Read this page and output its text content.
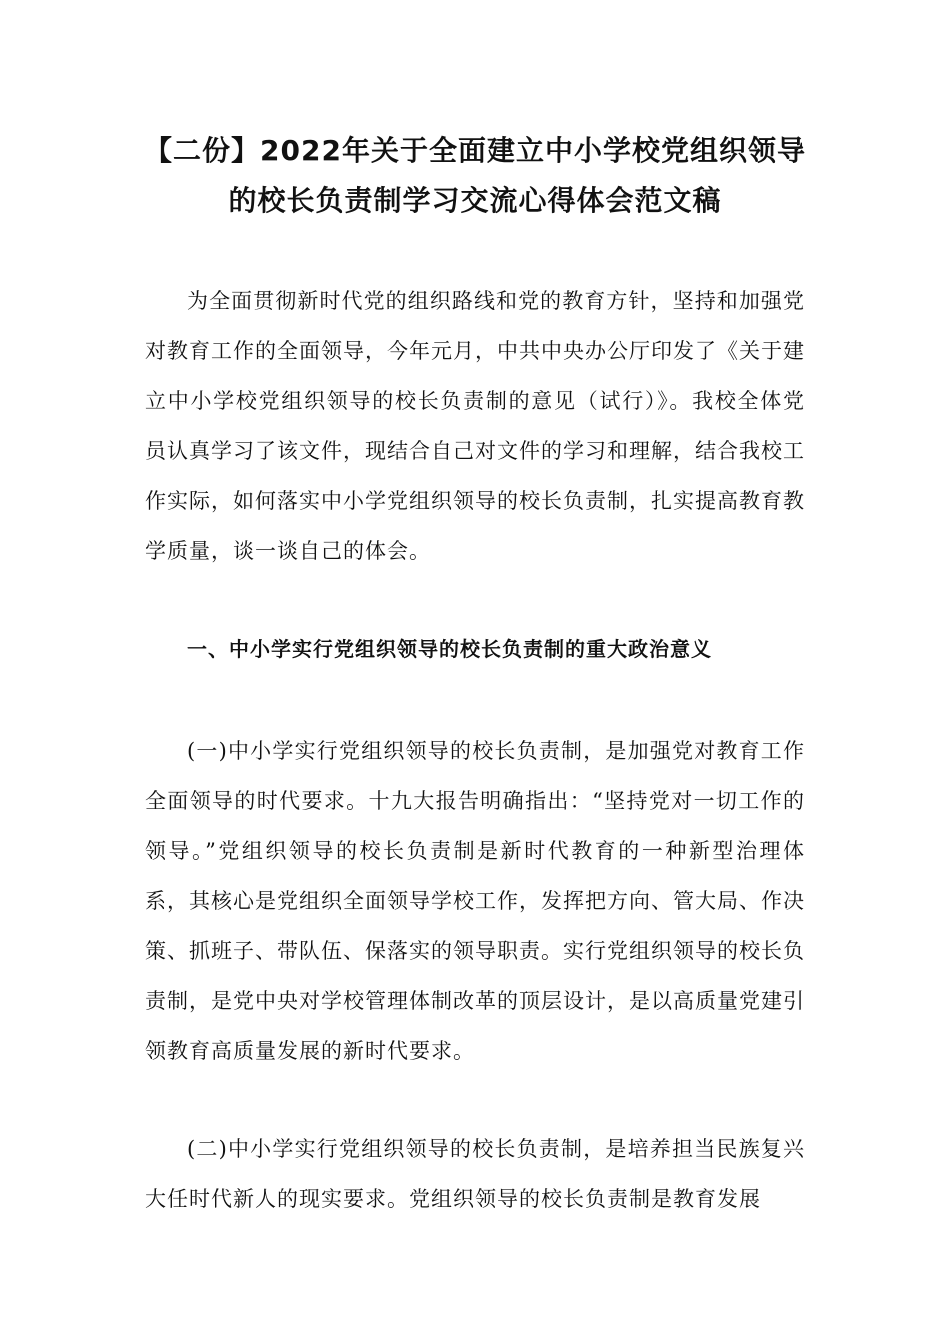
【二份】2022年关于全面建立中小学校党组织领导
的校长负责制学习交流心得体会范文稿

为全面贯彻新时代党的组织路线和党的教育方针，坚持和加强党对教育工作的全面领导，今年元月，中共中央办公厅印发了《关于建立中小学校党组织领导的校长负责制的意见（试行）》。我校全体党员认真学习了该文件，现结合自己对文件的学习和理解，结合我校工作实际，如何落实中小学党组织领导的校长负责制，扎实提高教育教学质量，谈一谈自己的体会。

一、中小学实行党组织领导的校长负责制的重大政治意义

(一)中小学实行党组织领导的校长负责制，是加强党对教育工作全面领导的时代要求。十九大报告明确指出：“坚持党对一切工作的领导。”党组织领导的校长负责制是新时代教育的一种新型治理体系，其核心是党组织全面领导学校工作，发挥把方向、管大局、作决策、抓班子、带队伍、保落实的领导职责。实行党组织领导的校长负责制，是党中央对学校管理体制改革的顶层设计，是以高质量党建引领教育高质量发展的新时代要求。

(二)中小学实行党组织领导的校长负责制，是培养担当民族复兴大任时代新人的现实要求。党组织领导的校长负责制是教育发展
